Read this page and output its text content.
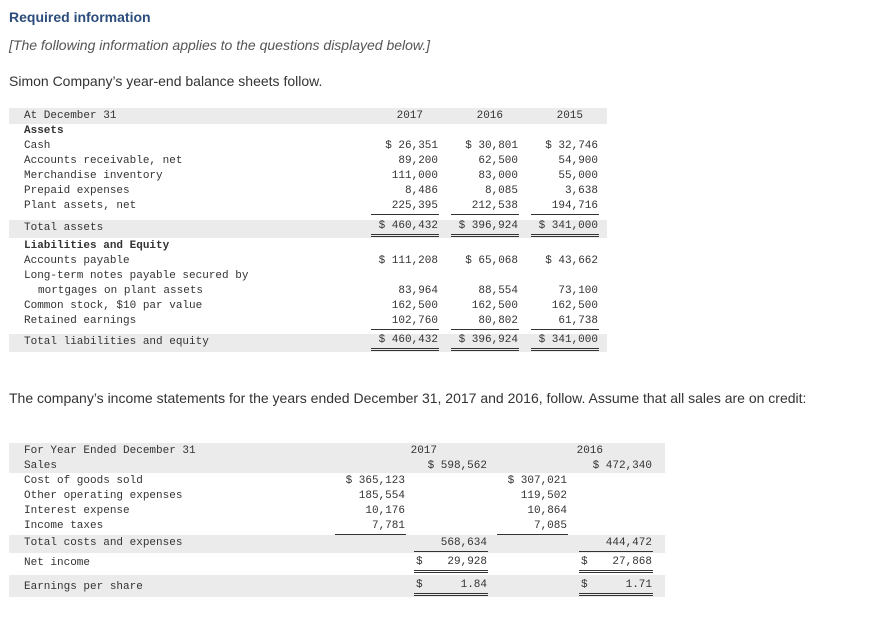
Required information
[The following information applies to the questions displayed below.]
Simon Company’s year-end balance sheets follow.
At December 31	2017	2016	2015
Assets
Cash	$ 26,351	$ 30,801	$ 32,746
Accounts receivable, net	89,200	62,500	54,900
Merchandise inventory	111,000	83,000	55,000
Prepaid expenses	8,486	8,085	3,638
Plant assets, net	225,395	212,538	194,716
Total assets	$ 460,432	$ 396,924	$ 341,000
Liabilities and Equity
Accounts payable	$ 111,208	$ 65,068	$ 43,662
Long-term notes payable secured by
mortgages on plant assets	83,964	88,554	73,100
Common stock, $10 par value	162,500	162,500	162,500
Retained earnings	102,760	80,802	61,738
Total liabilities and equity	$ 460,432	$ 396,924	$ 341,000
The company’s income statements for the years ended December 31, 2017 and 2016, follow. Assume that all sales are on credit:
For Year Ended December 31	2017	2016
Sales	$ 598,562	$ 472,340
Cost of goods sold	$ 365,123	$ 307,021
Other operating expenses	185,554	119,502
Interest expense	10,176	10,864
Income taxes	7,781	7,085
Total costs and expenses	568,634	444,472
Net income	$	29,928	$	27,868
Earnings per share	$	1.84	$	1.71
